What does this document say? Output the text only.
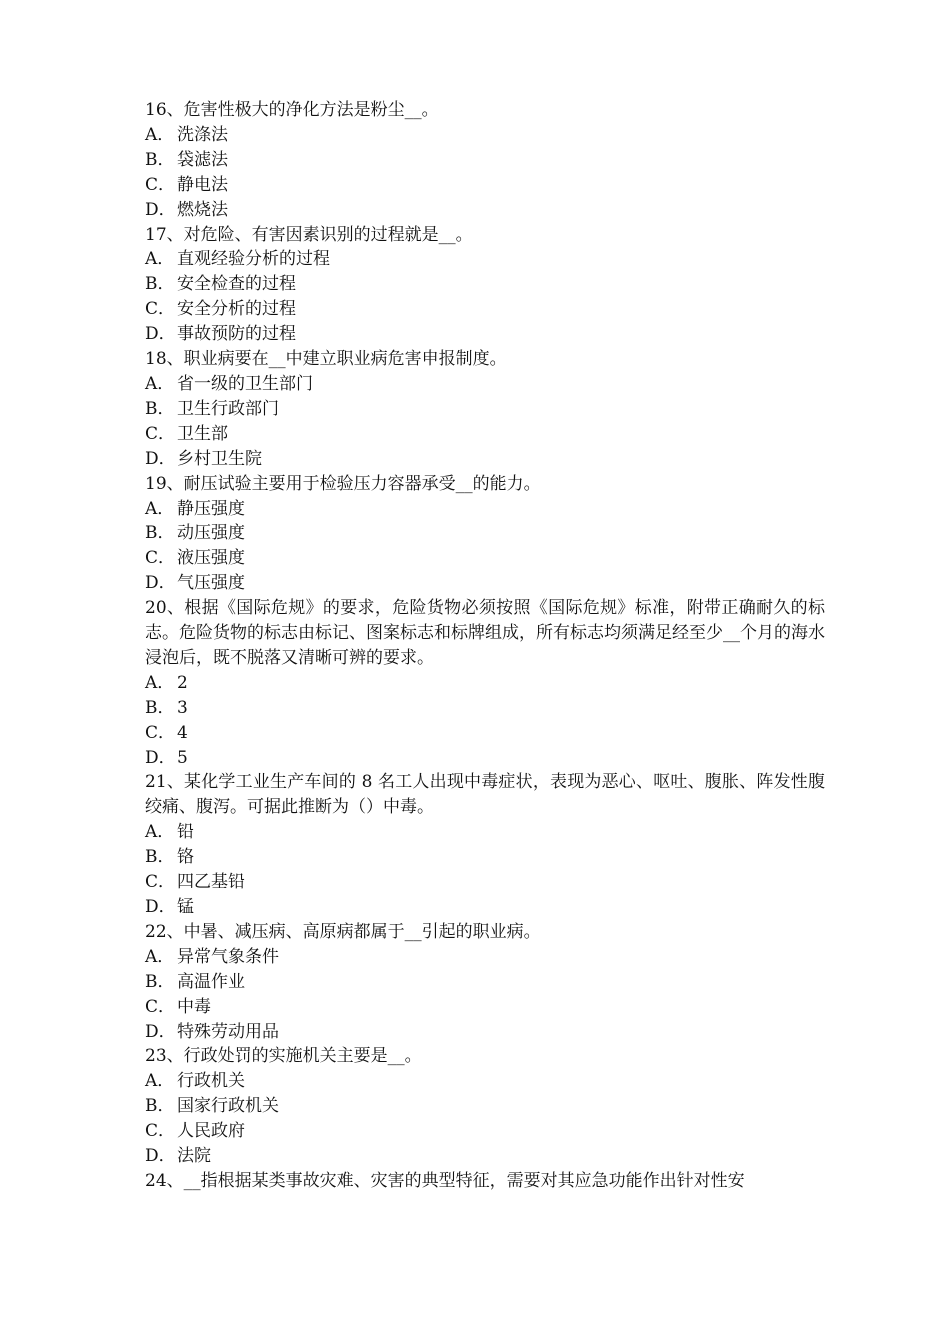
16、危害性极大的净化方法是粉尘__。

A． 洗涤法

B． 袋滤法

C． 静电法

D．燃烧法

17、对危险、有害因素识别的过程就是__。

A． 直观经验分析的过程

B． 安全检查的过程

C． 安全分析的过程

D．事故预防的过程

18、职业病要在__中建立职业病危害申报制度。

A． 省一级的卫生部门

B． 卫生行政部门

C． 卫生部

D．乡村卫生院

19、耐压试验主要用于检验压力容器承受__的能力。

A． 静压强度

B． 动压强度

C． 液压强度

D．气压强度

20、根据《国际危规》的要求，危险货物必须按照《国际危规》标准，附带正确耐久的标志。危险货物的标志由标记、图案标志和标牌组成，所有标志均须满足经至少__个月的海水浸泡后，既不脱落又清晰可辨的要求。

A． 2

B． 3

C． 4

D．5

21、某化学工业生产车间的 8 名工人出现中毒症状，表现为恶心、呕吐、腹胀、阵发性腹绞痛、腹泻。可据此推断为（）中毒。

A． 铅

B． 铬

C． 四乙基铅

D．锰

22、中暑、减压病、高原病都属于__引起的职业病。

A． 异常气象条件

B． 高温作业

C． 中毒

D．特殊劳动用品

23、行政处罚的实施机关主要是__。

A． 行政机关

B． 国家行政机关

C． 人民政府

D．法院

24、__指根据某类事故灾难、灾害的典型特征，需要对其应急功能作出针对性安
